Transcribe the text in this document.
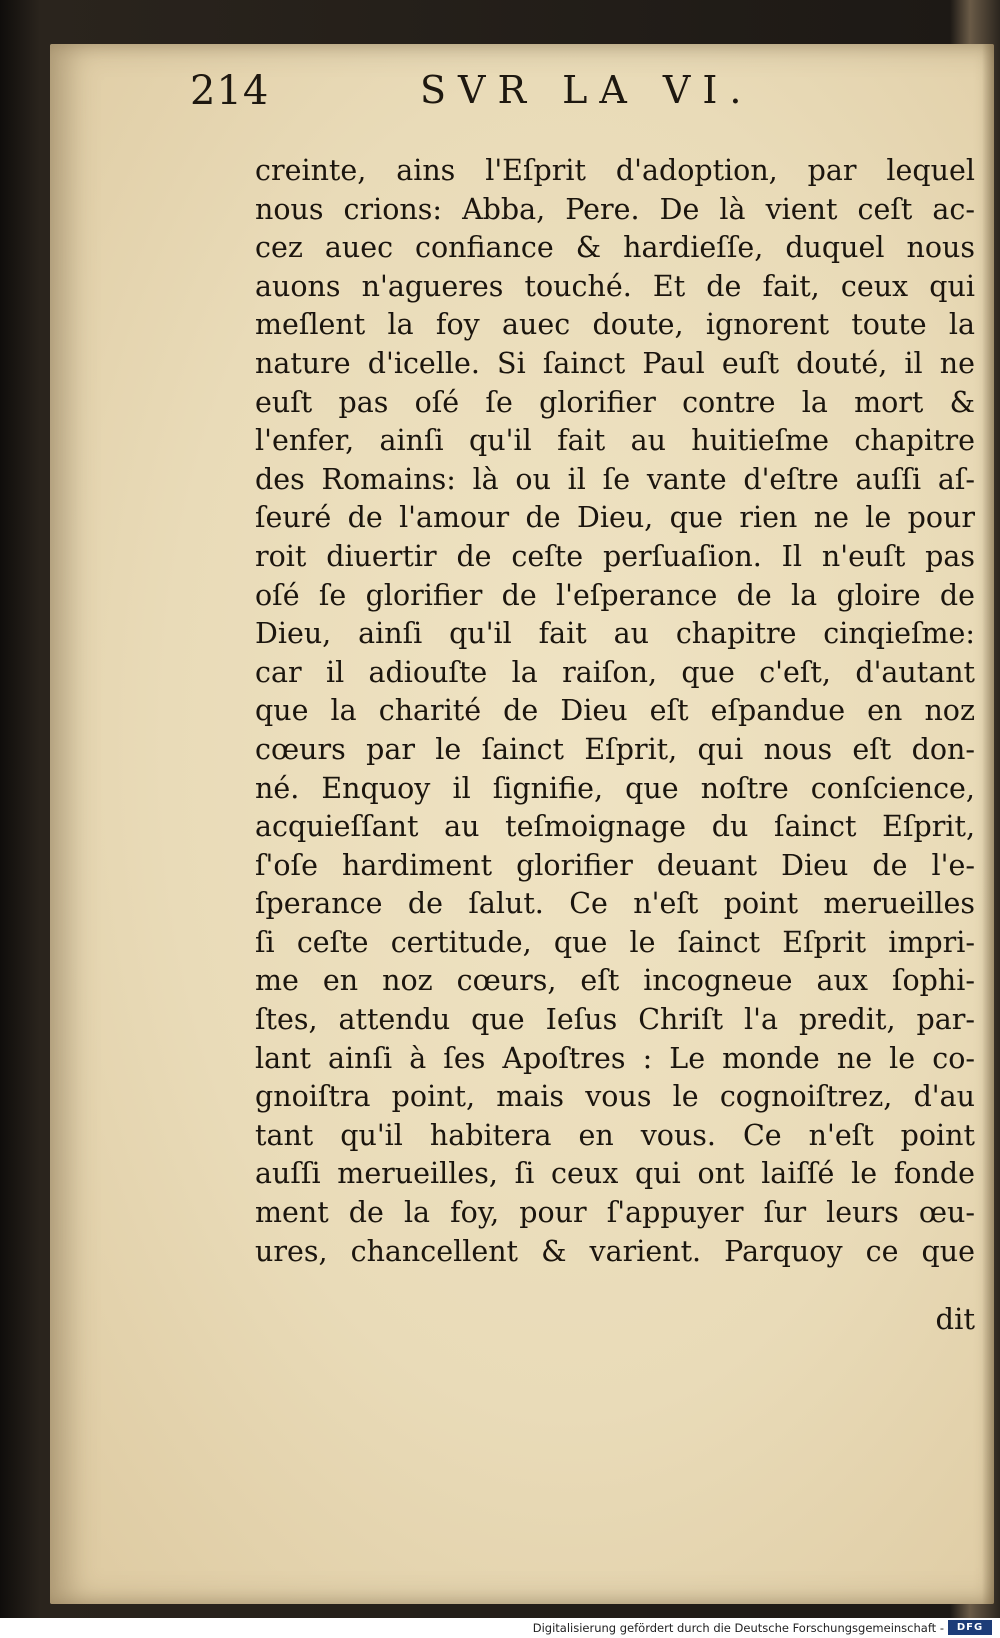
214	SVR LA VI.
creinte, ains l'Eſprit d'adoption, par lequel
nous crions: Abba, Pere. De là vient ceſt ac-
cez auec confiance & hardieſſe, duquel nous
auons n'agueres touché. Et de fait, ceux qui
meſlent la foy auec doute, ignorent toute la
nature d'icelle. Si ſainct Paul euſt douté, il ne
euſt pas oſé ſe glorifier contre la mort &
l'enfer, ainſi qu'il fait au huitieſme chapitre
des Romains: là ou il ſe vante d'eſtre auſſi aſ-
ſeuré de l'amour de Dieu, que rien ne le pour
roit diuertir de ceſte perſuaſion. Il n'euſt pas
oſé ſe glorifier de l'eſperance de la gloire de
Dieu, ainſi qu'il fait au chapitre cinqieſme:
car il adiouſte la raiſon, que c'eſt, d'autant
que la charité de Dieu eſt eſpandue en noz
cœurs par le ſainct Eſprit, qui nous eſt don-
né. Enquoy il ſignifie, que noſtre conſcience,
acquieſſant au teſmoignage du ſainct Eſprit,
ſ'oſe hardiment glorifier deuant Dieu de l'e-
ſperance de ſalut. Ce n'eſt point merueilles
ſi ceſte certitude, que le ſainct Eſprit impri-
me en noz cœurs, eſt incogneue aux ſophi-
ſtes, attendu que Ieſus Chriſt l'a predit, par-
lant ainſi à ſes Apoſtres : Le monde ne le co-
gnoiſtra point, mais vous le cognoiſtrez, d'au
tant qu'il habitera en vous. Ce n'eſt point
auſſi merueilles, ſi ceux qui ont laiſſé le fonde
ment de la foy, pour ſ'appuyer ſur leurs œu-
ures, chancellent & varient. Parquoy ce que
dit
Digitalisierung gefördert durch die Deutsche Forschungsgemeinschaft -	DFG
